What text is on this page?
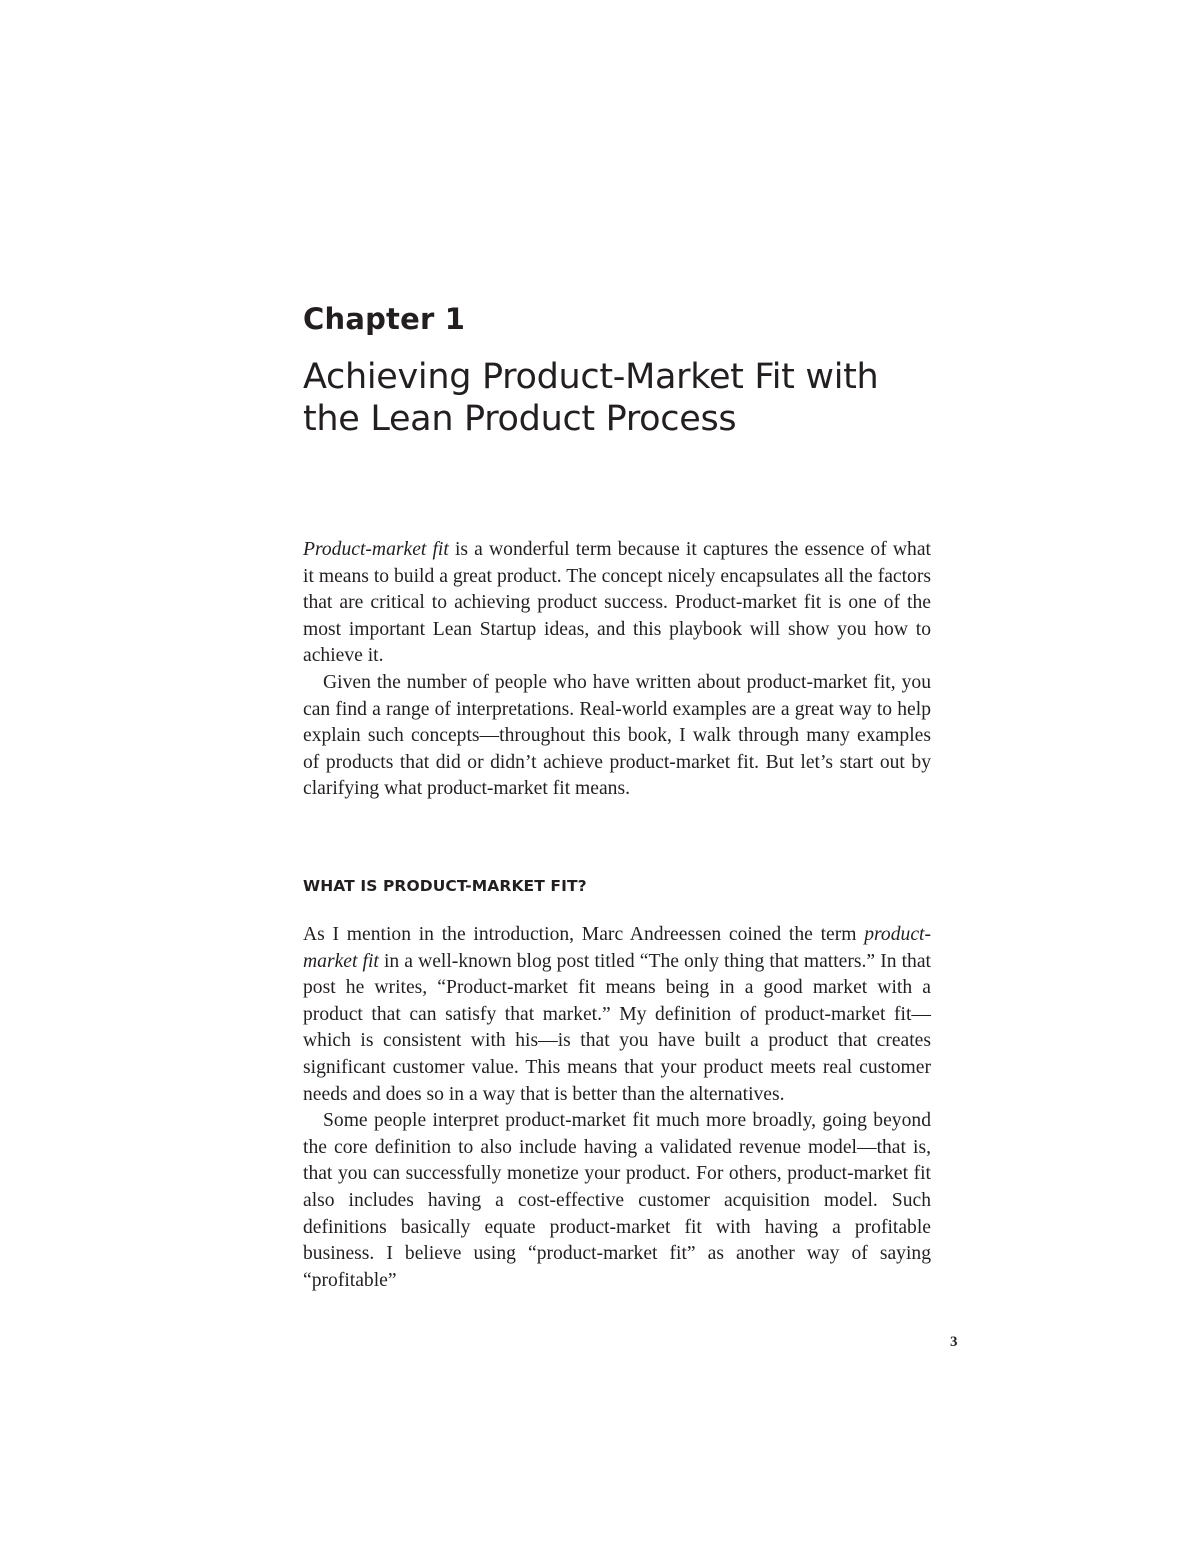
Chapter 1
Achieving Product-Market Fit with the Lean Product Process

Product-market fit is a wonderful term because it captures the essence of what it means to build a great product. The concept nicely encapsulates all the factors that are critical to achieving product success. Product-market fit is one of the most important Lean Startup ideas, and this playbook will show you how to achieve it.

Given the number of people who have written about product-market fit, you can find a range of interpretations. Real-world examples are a great way to help explain such concepts—throughout this book, I walk through many examples of products that did or didn’t achieve product-market fit. But let’s start out by clarifying what product-market fit means.

WHAT IS PRODUCT-MARKET FIT?

As I mention in the introduction, Marc Andreessen coined the term product-market fit in a well-known blog post titled “The only thing that matters.” In that post he writes, “Product-market fit means being in a good market with a product that can satisfy that market.” My definition of product-market fit—which is consistent with his—is that you have built a product that creates significant customer value. This means that your product meets real customer needs and does so in a way that is better than the alternatives.

Some people interpret product-market fit much more broadly, going beyond the core definition to also include having a validated revenue model—that is, that you can successfully monetize your product. For others, product-market fit also includes having a cost-effective customer acquisition model. Such definitions basically equate product-market fit with having a profitable business. I believe using “product-market fit” as another way of saying “profitable”

3
